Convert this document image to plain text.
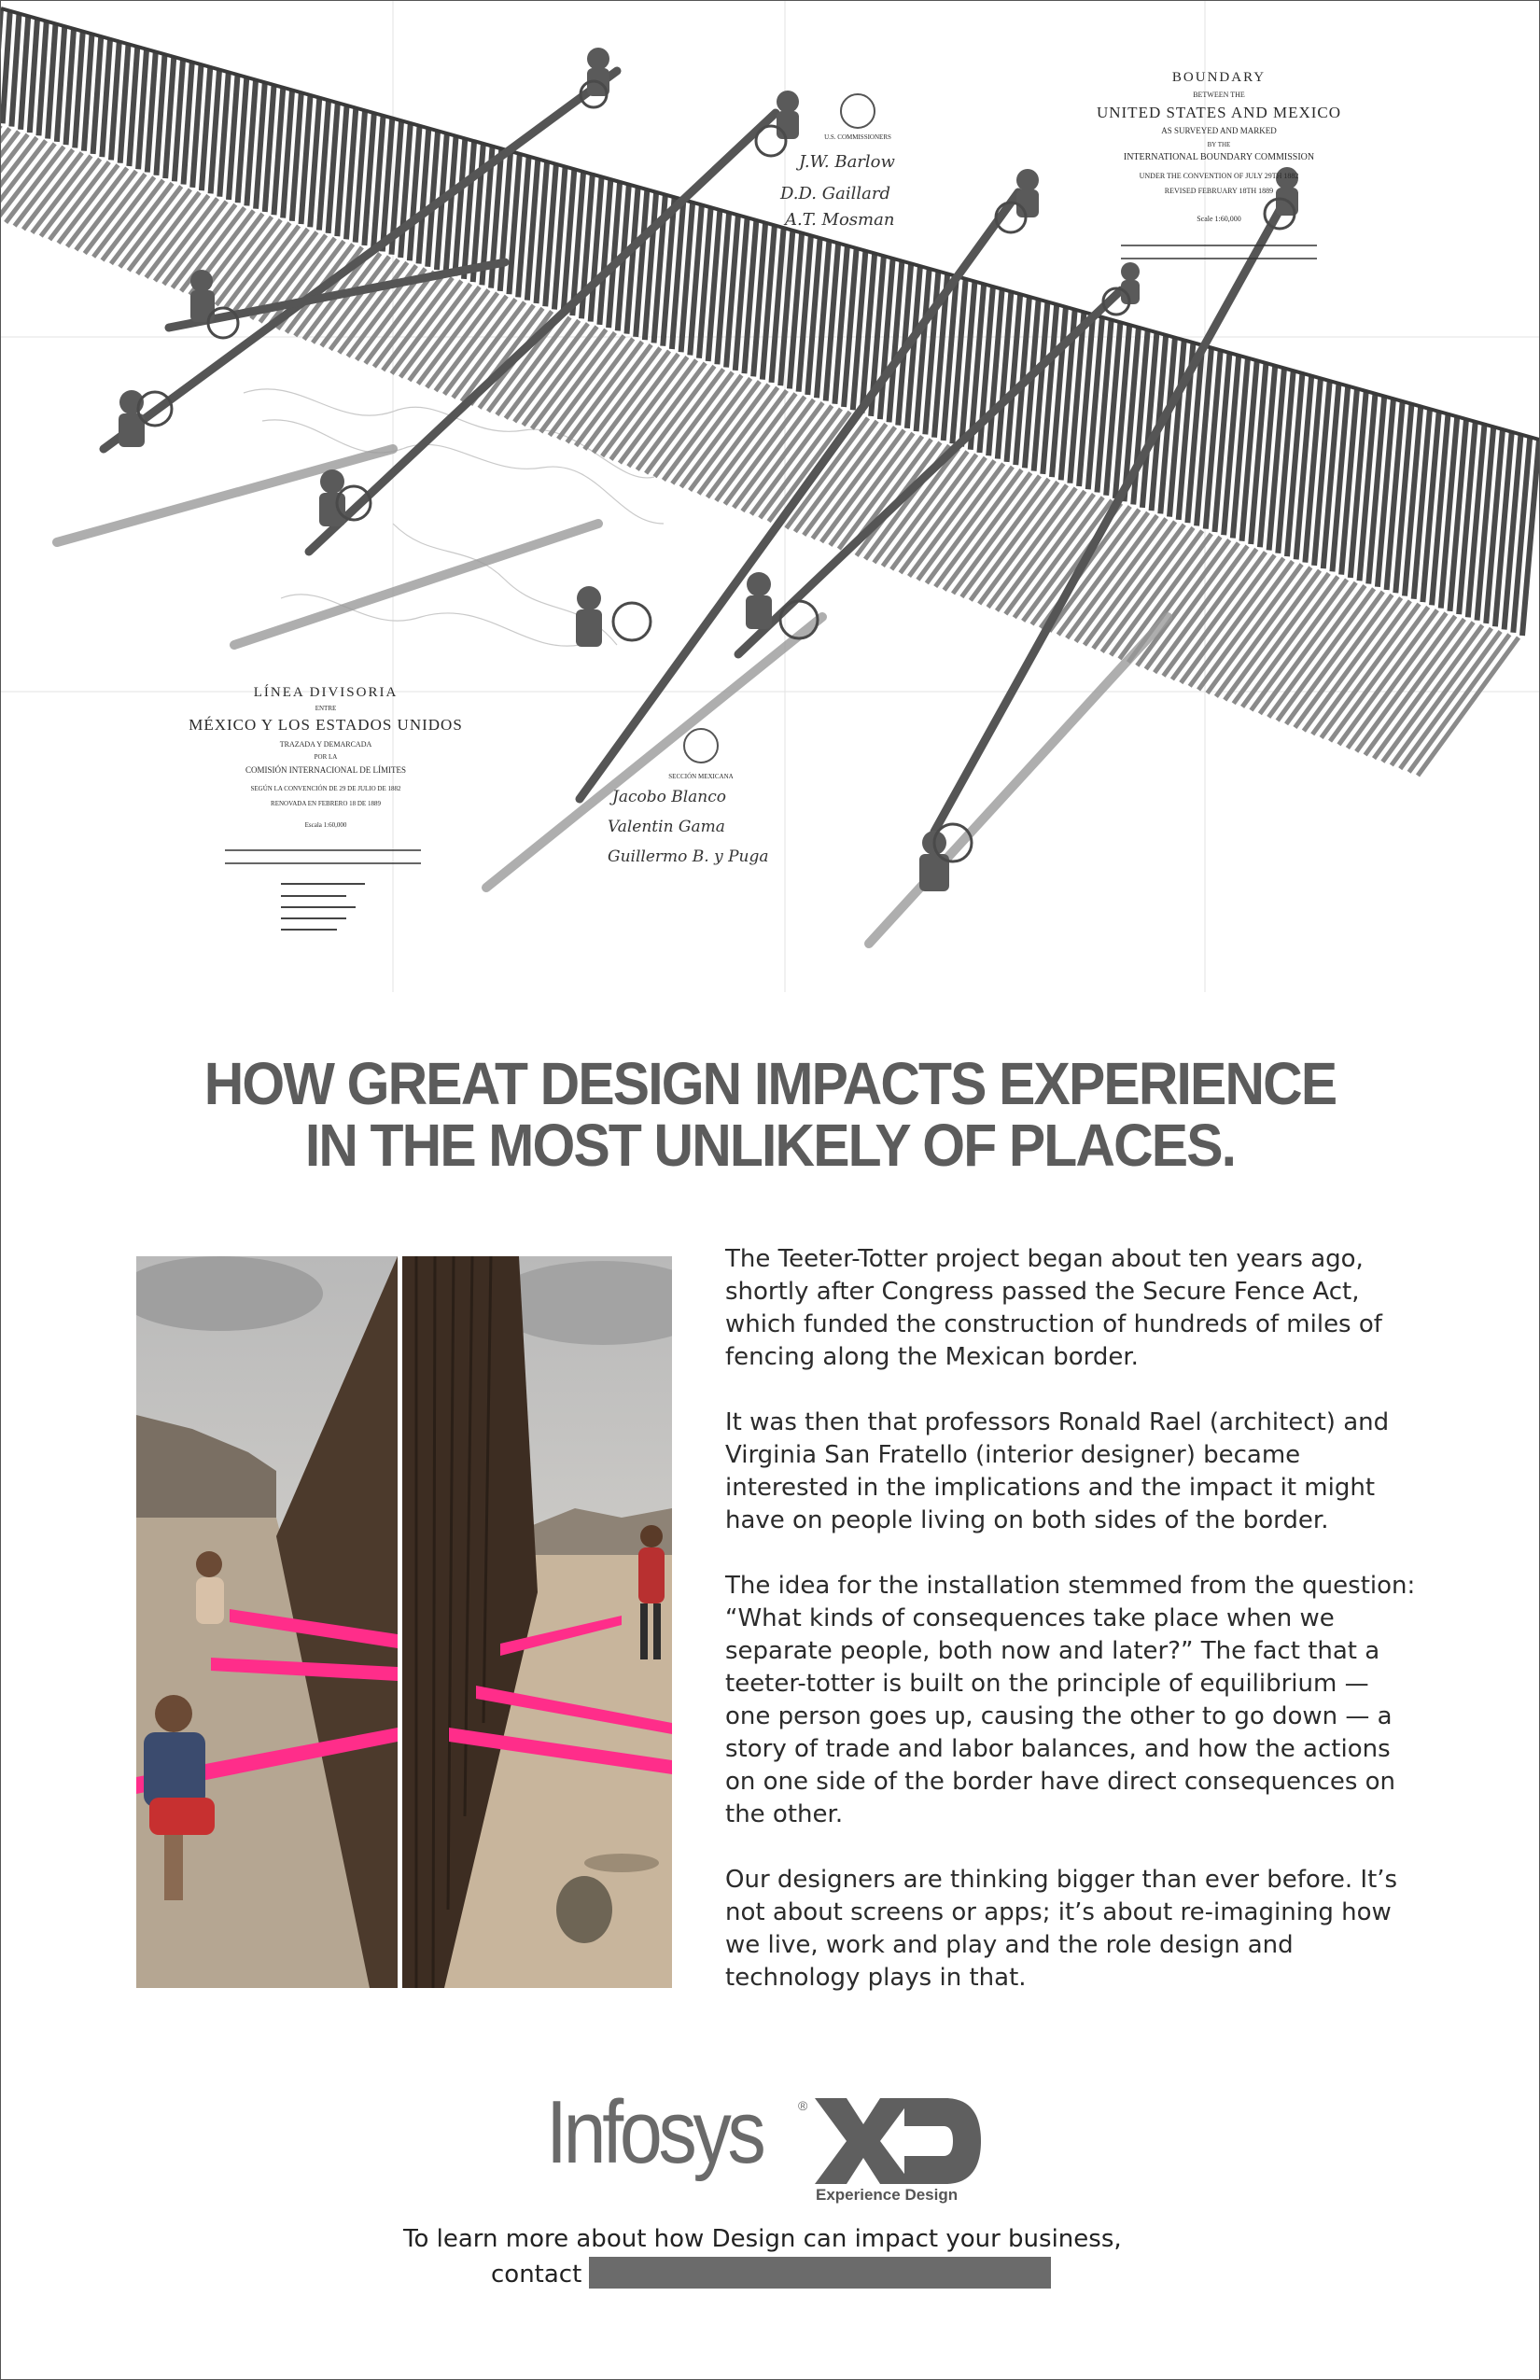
BOUNDARY
BETWEEN THE
UNITED STATES AND MEXICO
AS SURVEYED AND MARKED
BY THE
INTERNATIONAL BOUNDARY COMMISSION
UNDER THE CONVENTION OF JULY 29TH 1882
REVISED FEBRUARY 18TH 1889
Scale 1:60,000
U.S. COMMISSIONERS
J.W. Barlow
D.D. Gaillard
A.T. Mosman
LÍNEA DIVISORIA
ENTRE
MÉXICO Y LOS ESTADOS UNIDOS
TRAZADA Y DEMARCADA
POR LA
COMISIÓN INTERNACIONAL DE LÍMITES
SEGÚN LA CONVENCIÓN DE 29 DE JULIO DE 1882
RENOVADA EN FEBRERO 18 DE 1889
Escala 1:60,000
SECCIÓN MEXICANA
Jacobo Blanco
Valentin Gama
Guillermo B. y Puga
HOW GREAT DESIGN IMPACTS EXPERIENCE
IN THE MOST UNLIKELY OF PLACES.

The Teeter-Totter project began about ten years ago, shortly after Congress passed the Secure Fence Act, which funded the construction of hundreds of miles of fencing along the Mexican border.

It was then that professors Ronald Rael (architect) and Virginia San Fratello (interior designer) became interested in the implications and the impact it might have on people living on both sides of the border.

The idea for the installation stemmed from the question: “What kinds of consequences take place when we separate people, both now and later?” The fact that a teeter-totter is built on the principle of equilibrium — one person goes up, causing the other to go down — a story of trade and labor balances, and how the actions on one side of the border have direct consequences on the other.

Our designers are thinking bigger than ever before. It’s not about screens or apps; it’s about re-imagining how we live, work and play and the role design and technology plays in that.

Infosys	®
Experience Design
To learn more about how Design can impact your business,
contact
